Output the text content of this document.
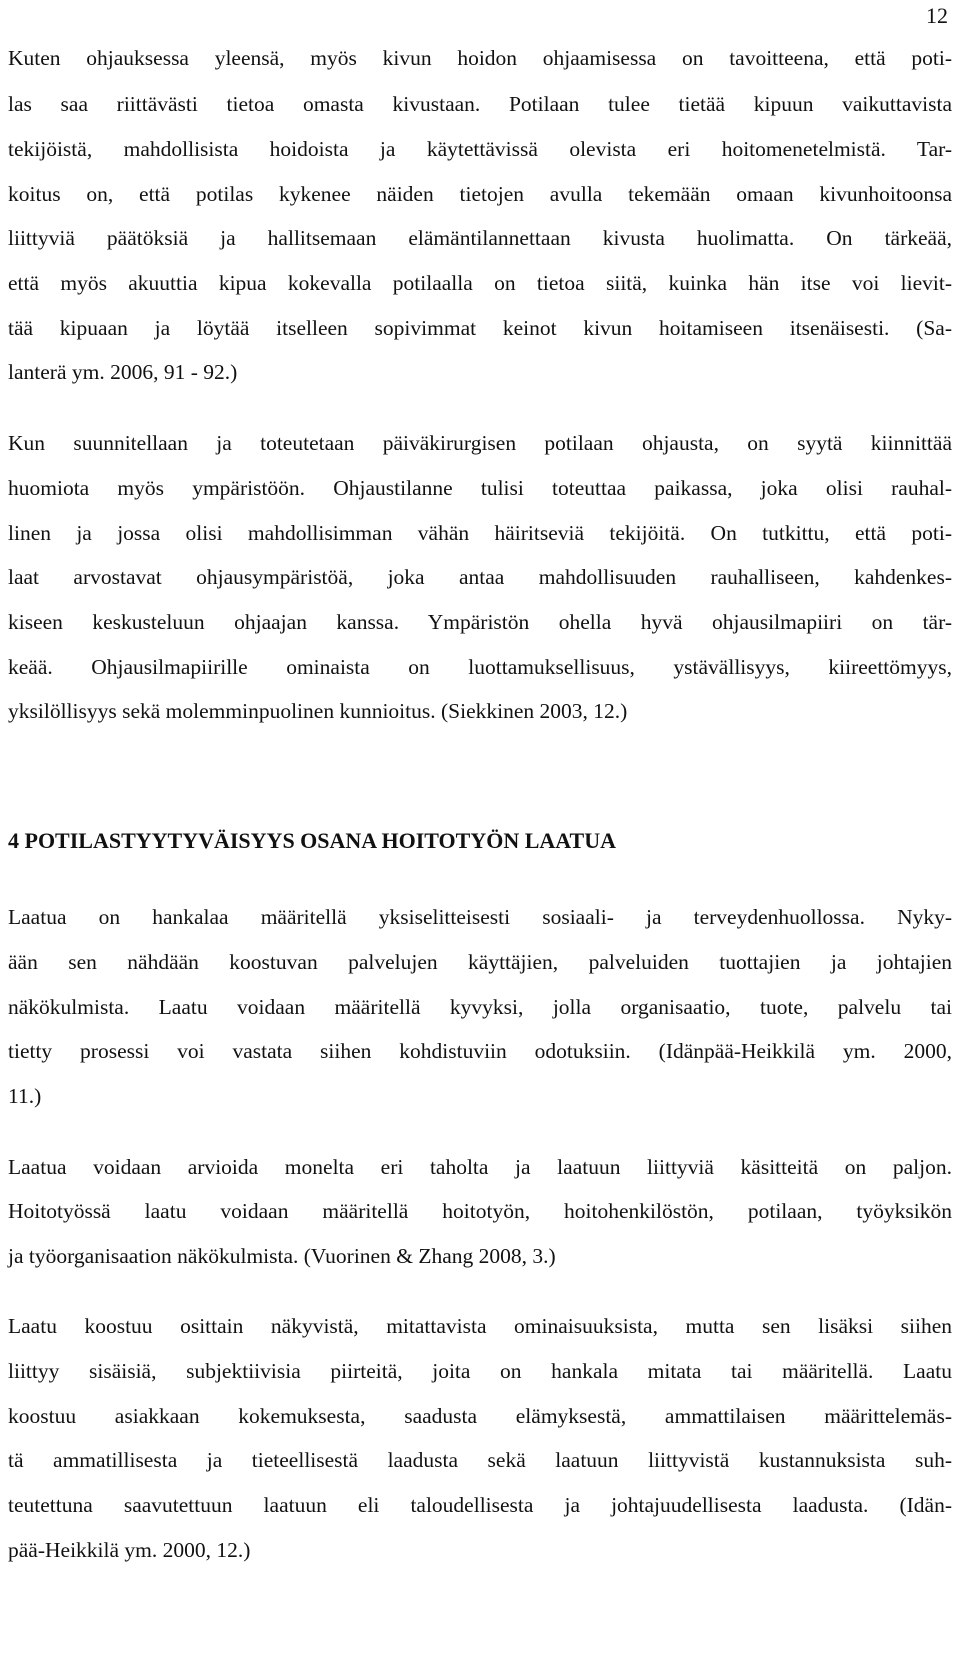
12
Kuten ohjauksessa yleensä, myös kivun hoidon ohjaamisessa on tavoitteena, että poti-
las saa riittävästi tietoa omasta kivustaan. Potilaan tulee tietää kipuun vaikuttavista
tekijöistä, mahdollisista hoidoista ja käytettävissä olevista eri hoitomenetelmistä. Tar-
koitus on, että potilas kykenee näiden tietojen avulla tekemään omaan kivunhoitoonsa
liittyviä päätöksiä ja hallitsemaan elämäntilannettaan kivusta huolimatta. On tärkeää,
että myös akuuttia kipua kokevalla potilaalla on tietoa siitä, kuinka hän itse voi lievit-
tää kipuaan ja löytää itselleen sopivimmat keinot kivun hoitamiseen itsenäisesti. (Sa-
lanterä ym. 2006, 91 - 92.)
Kun suunnitellaan ja toteutetaan päiväkirurgisen potilaan ohjausta, on syytä kiinnittää
huomiota myös ympäristöön. Ohjaustilanne tulisi toteuttaa paikassa, joka olisi rauhal-
linen ja jossa olisi mahdollisimman vähän häiritseviä tekijöitä. On tutkittu, että poti-
laat arvostavat ohjausympäristöä, joka antaa mahdollisuuden rauhalliseen, kahdenkes-
kiseen keskusteluun ohjaajan kanssa. Ympäristön ohella hyvä ohjausilmapiiri on tär-
keää. Ohjausilmapiirille ominaista on luottamuksellisuus, ystävällisyys, kiireettömyys,
yksilöllisyys sekä molemminpuolinen kunnioitus. (Siekkinen 2003, 12.)
4 POTILASTYYTYVÄISYYS OSANA HOITOTYÖN LAATUA
Laatua on hankalaa määritellä yksiselitteisesti sosiaali- ja terveydenhuollossa. Nyky-
ään sen nähdään koostuvan palvelujen käyttäjien, palveluiden tuottajien ja johtajien
näkökulmista. Laatu voidaan määritellä kyvyksi, jolla organisaatio, tuote, palvelu tai
tietty prosessi voi vastata siihen kohdistuviin odotuksiin. (Idänpää-Heikkilä ym. 2000,
11.)
Laatua voidaan arvioida monelta eri taholta ja laatuun liittyviä käsitteitä on paljon.
Hoitotyössä laatu voidaan määritellä hoitotyön, hoitohenkilöstön, potilaan, työyksikön
ja työorganisaation näkökulmista. (Vuorinen & Zhang 2008, 3.)
Laatu koostuu osittain näkyvistä, mitattavista ominaisuuksista, mutta sen lisäksi siihen
liittyy sisäisiä, subjektiivisia piirteitä, joita on hankala mitata tai määritellä. Laatu
koostuu asiakkaan kokemuksesta, saadusta elämyksestä, ammattilaisen määrittelemäs-
tä ammatillisesta ja tieteellisestä laadusta sekä laatuun liittyvistä kustannuksista suh-
teutettuna saavutettuun laatuun eli taloudellisesta ja johtajuudellisesta laadusta. (Idän-
pää-Heikkilä ym. 2000, 12.)
